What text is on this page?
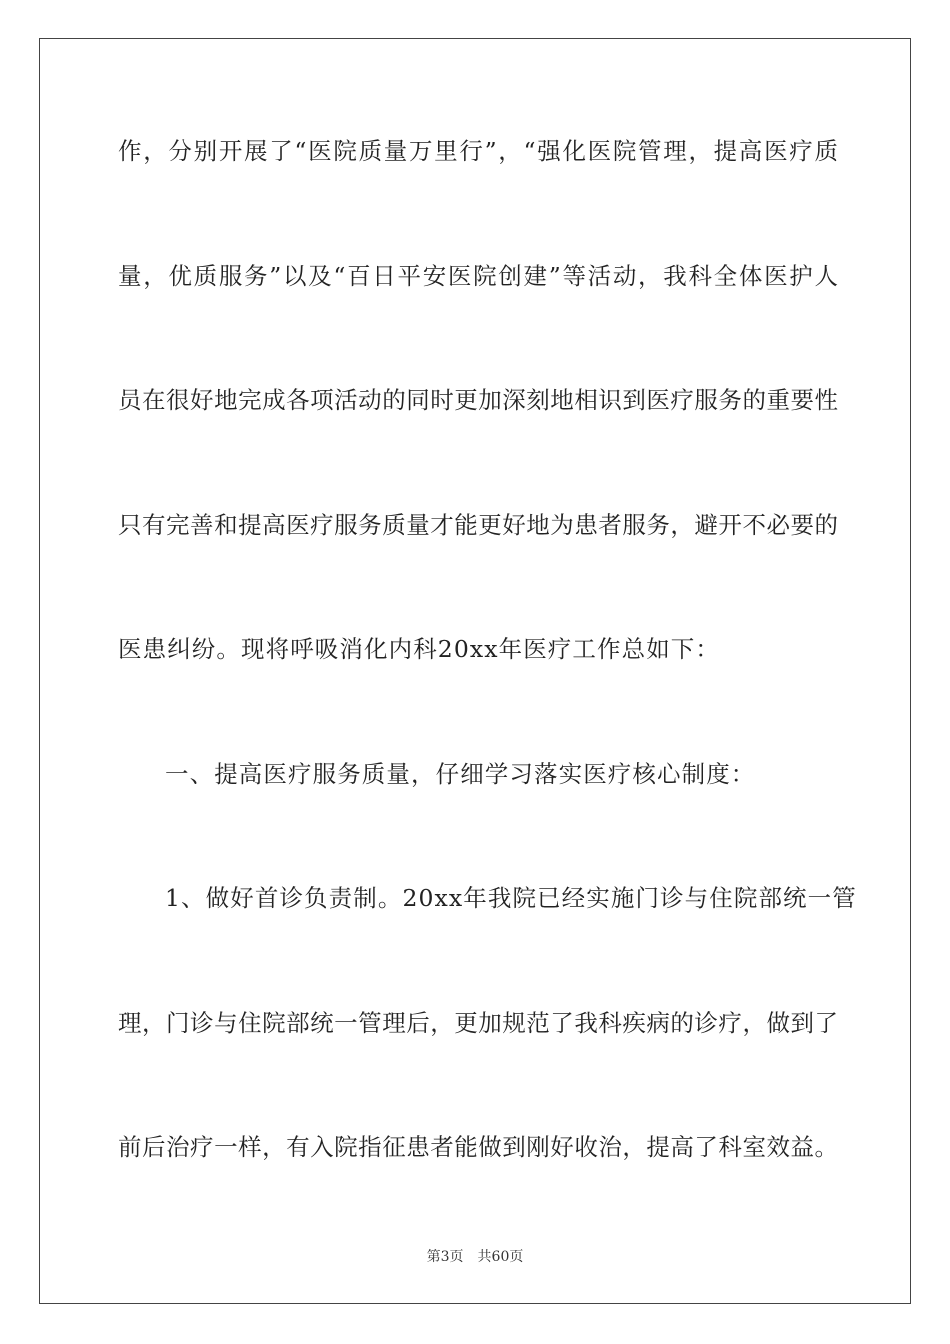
作，分别开展了“医院质量万里行”，“强化医院管理，提高医疗质
量，优质服务”以及“百日平安医院创建”等活动，我科全体医护人
员在很好地完成各项活动的同时更加深刻地相识到医疗服务的重要性
只有完善和提高医疗服务质量才能更好地为患者服务，避开不必要的
医患纠纷。现将呼吸消化内科20xx年医疗工作总如下：
一、提高医疗服务质量，仔细学习落实医疗核心制度：
1、做好首诊负责制。20xx年我院已经实施门诊与住院部统一管
理，门诊与住院部统一管理后，更加规范了我科疾病的诊疗，做到了
前后治疗一样，有入院指征患者能做到刚好收治，提高了科室效益。
第3页 共60页
